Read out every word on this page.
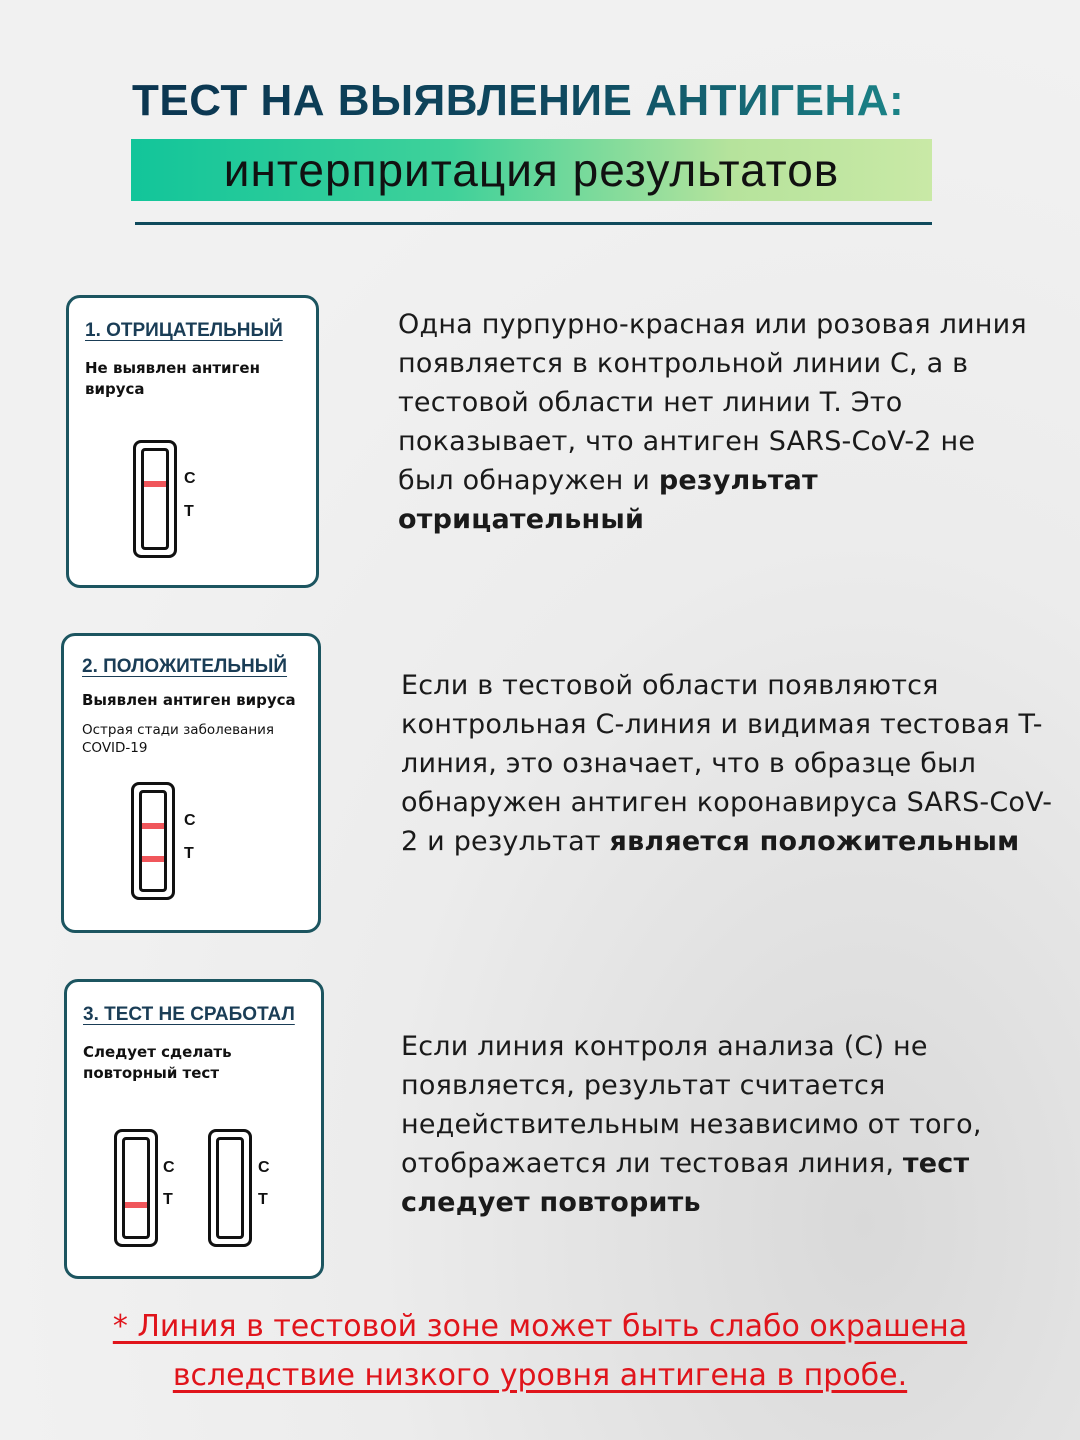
ТЕСТ НА ВЫЯВЛЕНИЕ АНТИГЕНА:
интерпритация результатов
1. ОТРИЦАТЕЛЬНЫЙ
Не выявлен антиген вируса
C
T
Одна пурпурно-красная или розовая линия появляется в контрольной линии C, а в тестовой области нет линии T. Это показывает, что антиген SARS-CoV-2 не был обнаружен и результат отрицательный
2. ПОЛОЖИТЕЛЬНЫЙ
Выявлен антиген вируса
Острая стади заболевания COVID-19
C
T
Если в тестовой области появляются контрольная C-линия и видимая тестовая T-линия, это означает, что в образце был обнаружен антиген коронавируса SARS-CoV-2 и результат является положительным
3. ТЕСТ НЕ СРАБОТАЛ
Следует сделать повторный тест
C
T
C
T
Если линия контроля анализа (C) не появляется, результат считается недействительным независимо от того, отображается ли тестовая линия, тест следует повторить
* Линия в тестовой зоне может быть слабо окрашена
вследствие низкого уровня антигена в пробе.
